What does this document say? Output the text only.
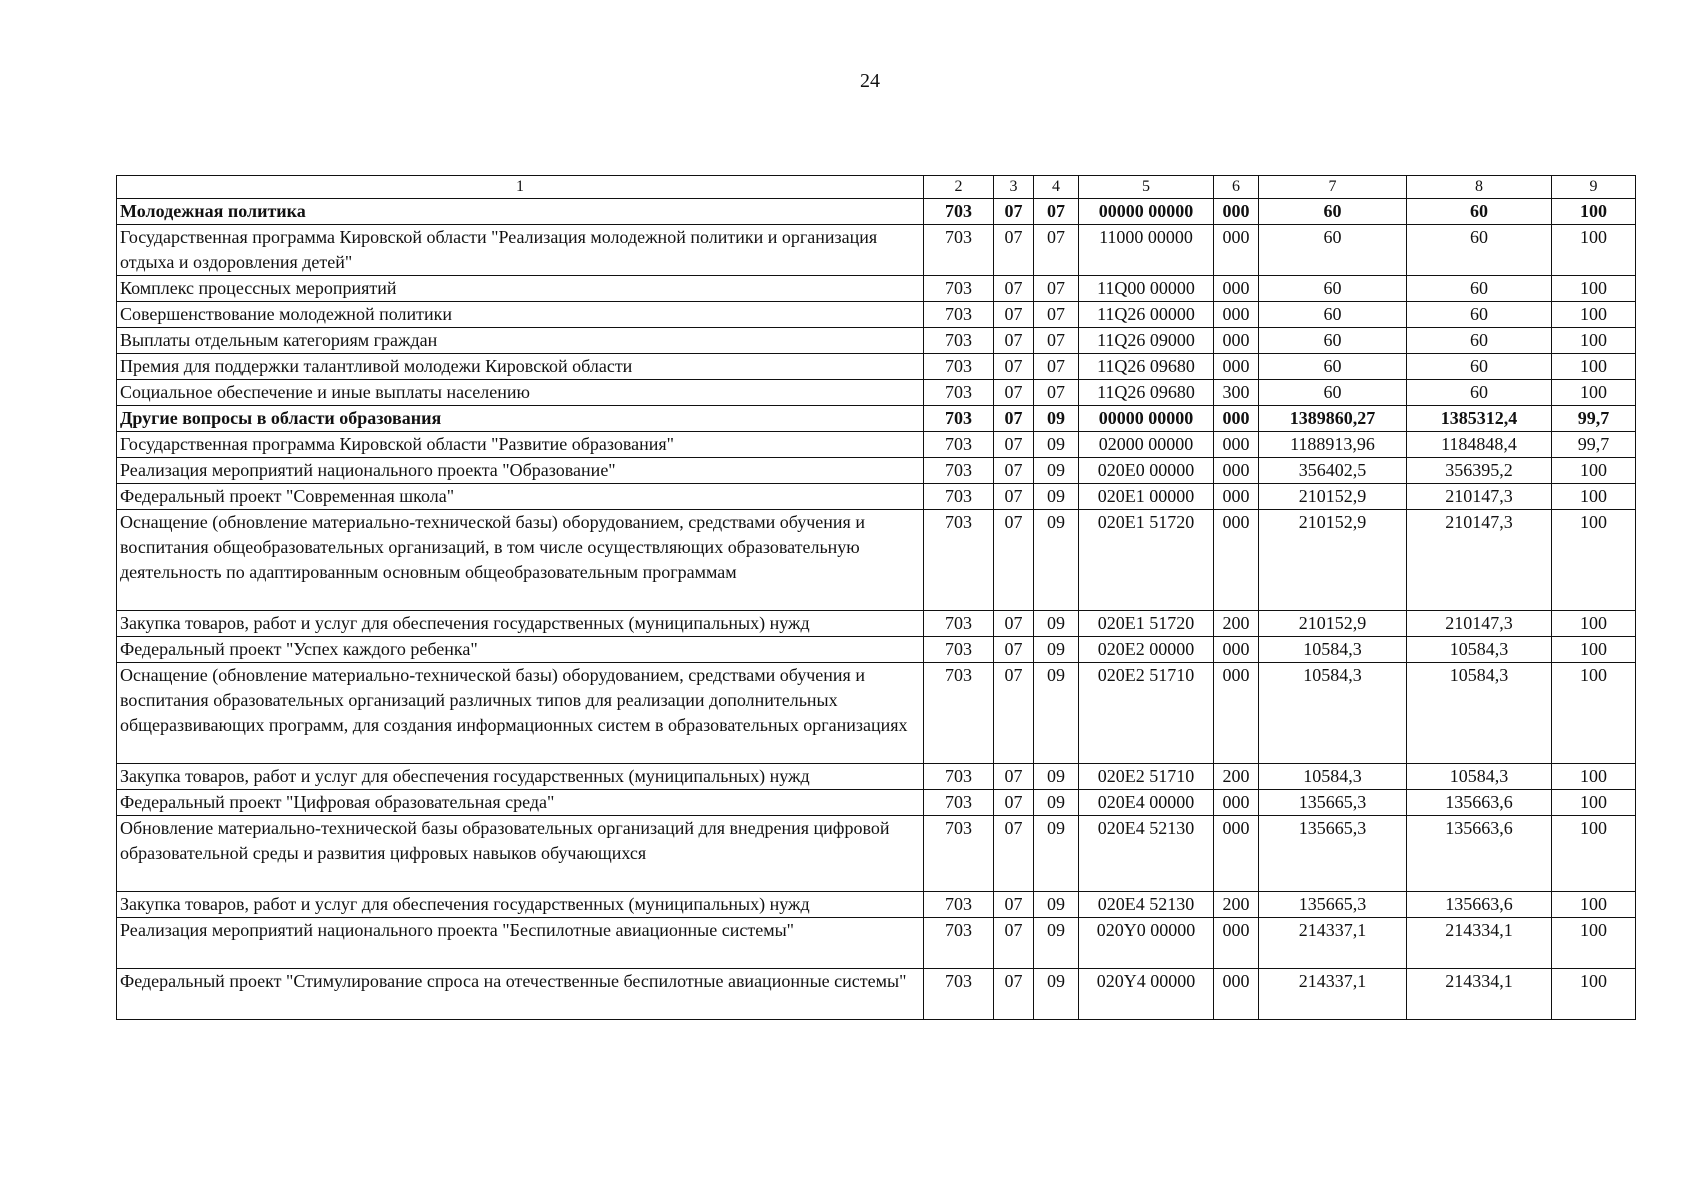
24
1	2	3	4	5	6	7	8	9
Молодежная политика	703	07	07	00000 00000	000	60	60	100
Государственная программа Кировской области "Реализация молодежной политики и организация отдыха и оздоровления детей"	703	07	07	11000 00000	000	60	60	100
Комплекс процессных мероприятий	703	07	07	11Q00 00000	000	60	60	100
Совершенствование молодежной политики	703	07	07	11Q26 00000	000	60	60	100
Выплаты отдельным категориям граждан	703	07	07	11Q26 09000	000	60	60	100
Премия для поддержки талантливой молодежи Кировской области	703	07	07	11Q26 09680	000	60	60	100
Социальное обеспечение и иные выплаты населению	703	07	07	11Q26 09680	300	60	60	100
Другие вопросы в области образования	703	07	09	00000 00000	000	1389860,27	1385312,4	99,7
Государственная программа Кировской области "Развитие образования"	703	07	09	02000 00000	000	1188913,96	1184848,4	99,7
Реализация мероприятий национального проекта "Образование"	703	07	09	020E0 00000	000	356402,5	356395,2	100
Федеральный проект "Современная школа"	703	07	09	020E1 00000	000	210152,9	210147,3	100
Оснащение (обновление материально-технической базы) оборудованием, средствами обучения и воспитания общеобразовательных организаций, в том числе осуществляющих образовательную деятельность по адаптированным основным общеобразовательным программам	703	07	09	020E1 51720	000	210152,9	210147,3	100
Закупка товаров, работ и услуг для обеспечения государственных (муниципальных) нужд	703	07	09	020E1 51720	200	210152,9	210147,3	100
Федеральный проект "Успех каждого ребенка"	703	07	09	020E2 00000	000	10584,3	10584,3	100
Оснащение (обновление материально-технической базы) оборудованием, средствами обучения и воспитания образовательных организаций различных типов для реализации дополнительных общеразвивающих программ, для создания информационных систем в образовательных организациях	703	07	09	020E2 51710	000	10584,3	10584,3	100
Закупка товаров, работ и услуг для обеспечения государственных (муниципальных) нужд	703	07	09	020E2 51710	200	10584,3	10584,3	100
Федеральный проект "Цифровая образовательная среда"	703	07	09	020E4 00000	000	135665,3	135663,6	100
Обновление материально-технической базы образовательных организаций для внедрения цифровой образовательной среды и развития цифровых навыков обучающихся	703	07	09	020E4 52130	000	135665,3	135663,6	100
Закупка товаров, работ и услуг для обеспечения государственных (муниципальных) нужд	703	07	09	020E4 52130	200	135665,3	135663,6	100
Реализация мероприятий национального проекта "Беспилотные авиационные системы"	703	07	09	020Y0 00000	000	214337,1	214334,1	100
Федеральный проект "Стимулирование спроса на отечественные беспилотные авиационные системы"	703	07	09	020Y4 00000	000	214337,1	214334,1	100
